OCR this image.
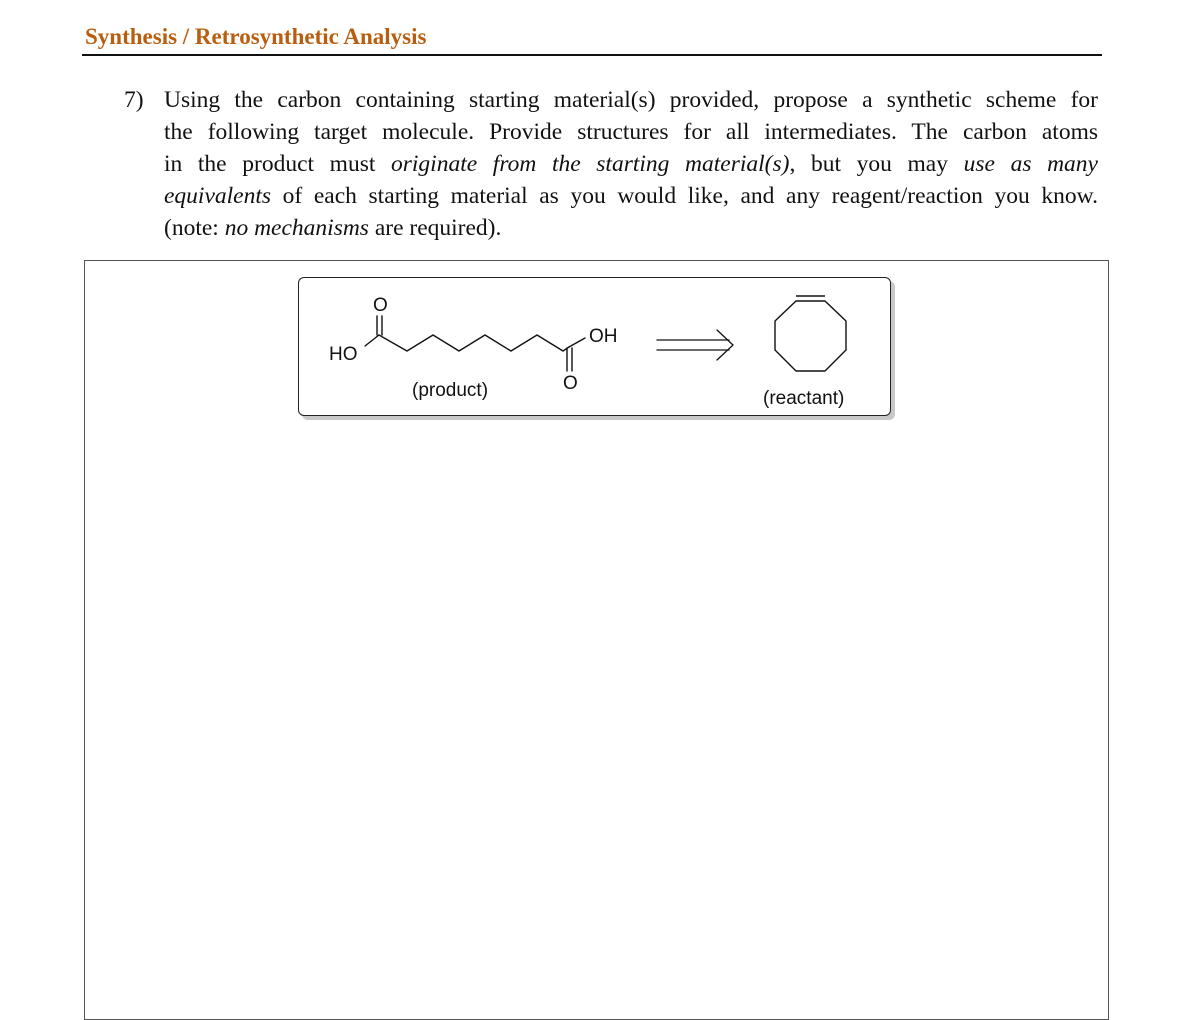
Synthesis / Retrosynthetic Analysis
7) Using the carbon containing starting material(s) provided, propose a synthetic scheme for
the following target molecule. Provide structures for all intermediates. The carbon atoms
in the product must originate from the starting material(s), but you may use as many
equivalents of each starting material as you would like, and any reagent/reaction you know.
(note: no mechanisms are required).
HO
O
OH
O
(product)	(reactant)
